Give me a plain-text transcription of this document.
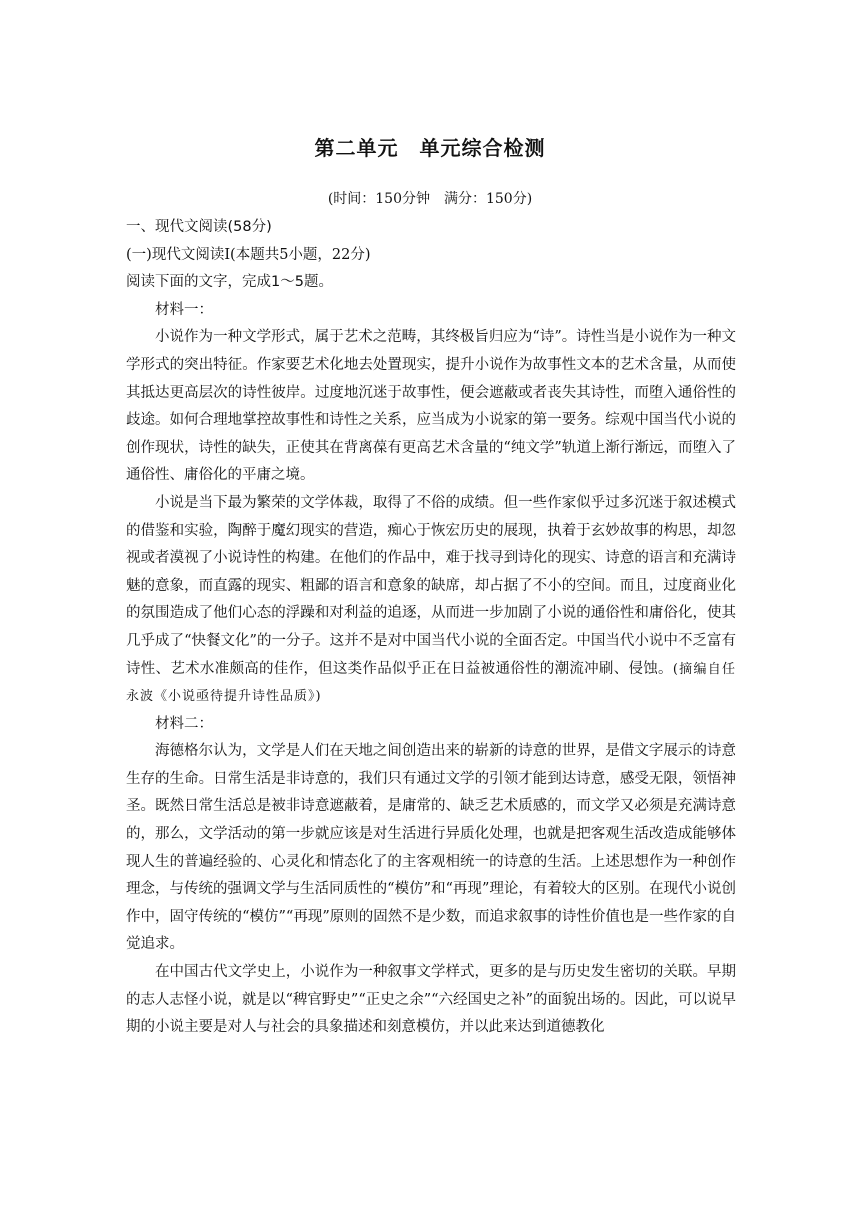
第二单元　单元综合检测
(时间：150分钟　满分：150分)

一、现代文阅读(58分)

(一)现代文阅读Ⅰ(本题共5小题，22分)

阅读下面的文字，完成1～5题。

材料一：

小说作为一种文学形式，属于艺术之范畴，其终极旨归应为“诗”。诗性当是小说作为一种文学形式的突出特征。作家要艺术化地去处置现实，提升小说作为故事性文本的艺术含量，从而使其抵达更高层次的诗性彼岸。过度地沉迷于故事性，便会遮蔽或者丧失其诗性，而堕入通俗性的歧途。如何合理地掌控故事性和诗性之关系，应当成为小说家的第一要务。综观中国当代小说的创作现状，诗性的缺失，正使其在背离葆有更高艺术含量的“纯文学”轨道上渐行渐远，而堕入了通俗性、庸俗化的平庸之境。

小说是当下最为繁荣的文学体裁，取得了不俗的成绩。但一些作家似乎过多沉迷于叙述模式的借鉴和实验，陶醉于魔幻现实的营造，痴心于恢宏历史的展现，执着于玄妙故事的构思，却忽视或者漠视了小说诗性的构建。在他们的作品中，难于找寻到诗化的现实、诗意的语言和充满诗魅的意象，而直露的现实、粗鄙的语言和意象的缺席，却占据了不小的空间。而且，过度商业化的氛围造成了他们心态的浮躁和对利益的追逐，从而进一步加剧了小说的通俗性和庸俗化，使其几乎成了“快餐文化”的一分子。这并不是对中国当代小说的全面否定。中国当代小说中不乏富有诗性、艺术水准颇高的佳作，但这类作品似乎正在日益被通俗性的潮流冲刷、侵蚀。(摘编自任永波《小说亟待提升诗性品质》)

材料二：

海德格尔认为，文学是人们在天地之间创造出来的崭新的诗意的世界，是借文字展示的诗意生存的生命。日常生活是非诗意的，我们只有通过文学的引领才能到达诗意，感受无限，领悟神圣。既然日常生活总是被非诗意遮蔽着，是庸常的、缺乏艺术质感的，而文学又必须是充满诗意的，那么，文学活动的第一步就应该是对生活进行异质化处理，也就是把客观生活改造成能够体现人生的普遍经验的、心灵化和情态化了的主客观相统一的诗意的生活。上述思想作为一种创作理念，与传统的强调文学与生活同质性的“模仿”和“再现”理论，有着较大的区别。在现代小说创作中，固守传统的“模仿”“再现”原则的固然不是少数，而追求叙事的诗性价值也是一些作家的自觉追求。

在中国古代文学史上，小说作为一种叙事文学样式，更多的是与历史发生密切的关联。早期的志人志怪小说，就是以“稗官野史”“正史之余”“六经国史之补”的面貌出场的。因此，可以说早期的小说主要是对人与社会的具象描述和刻意模仿，并以此来达到道德教化
